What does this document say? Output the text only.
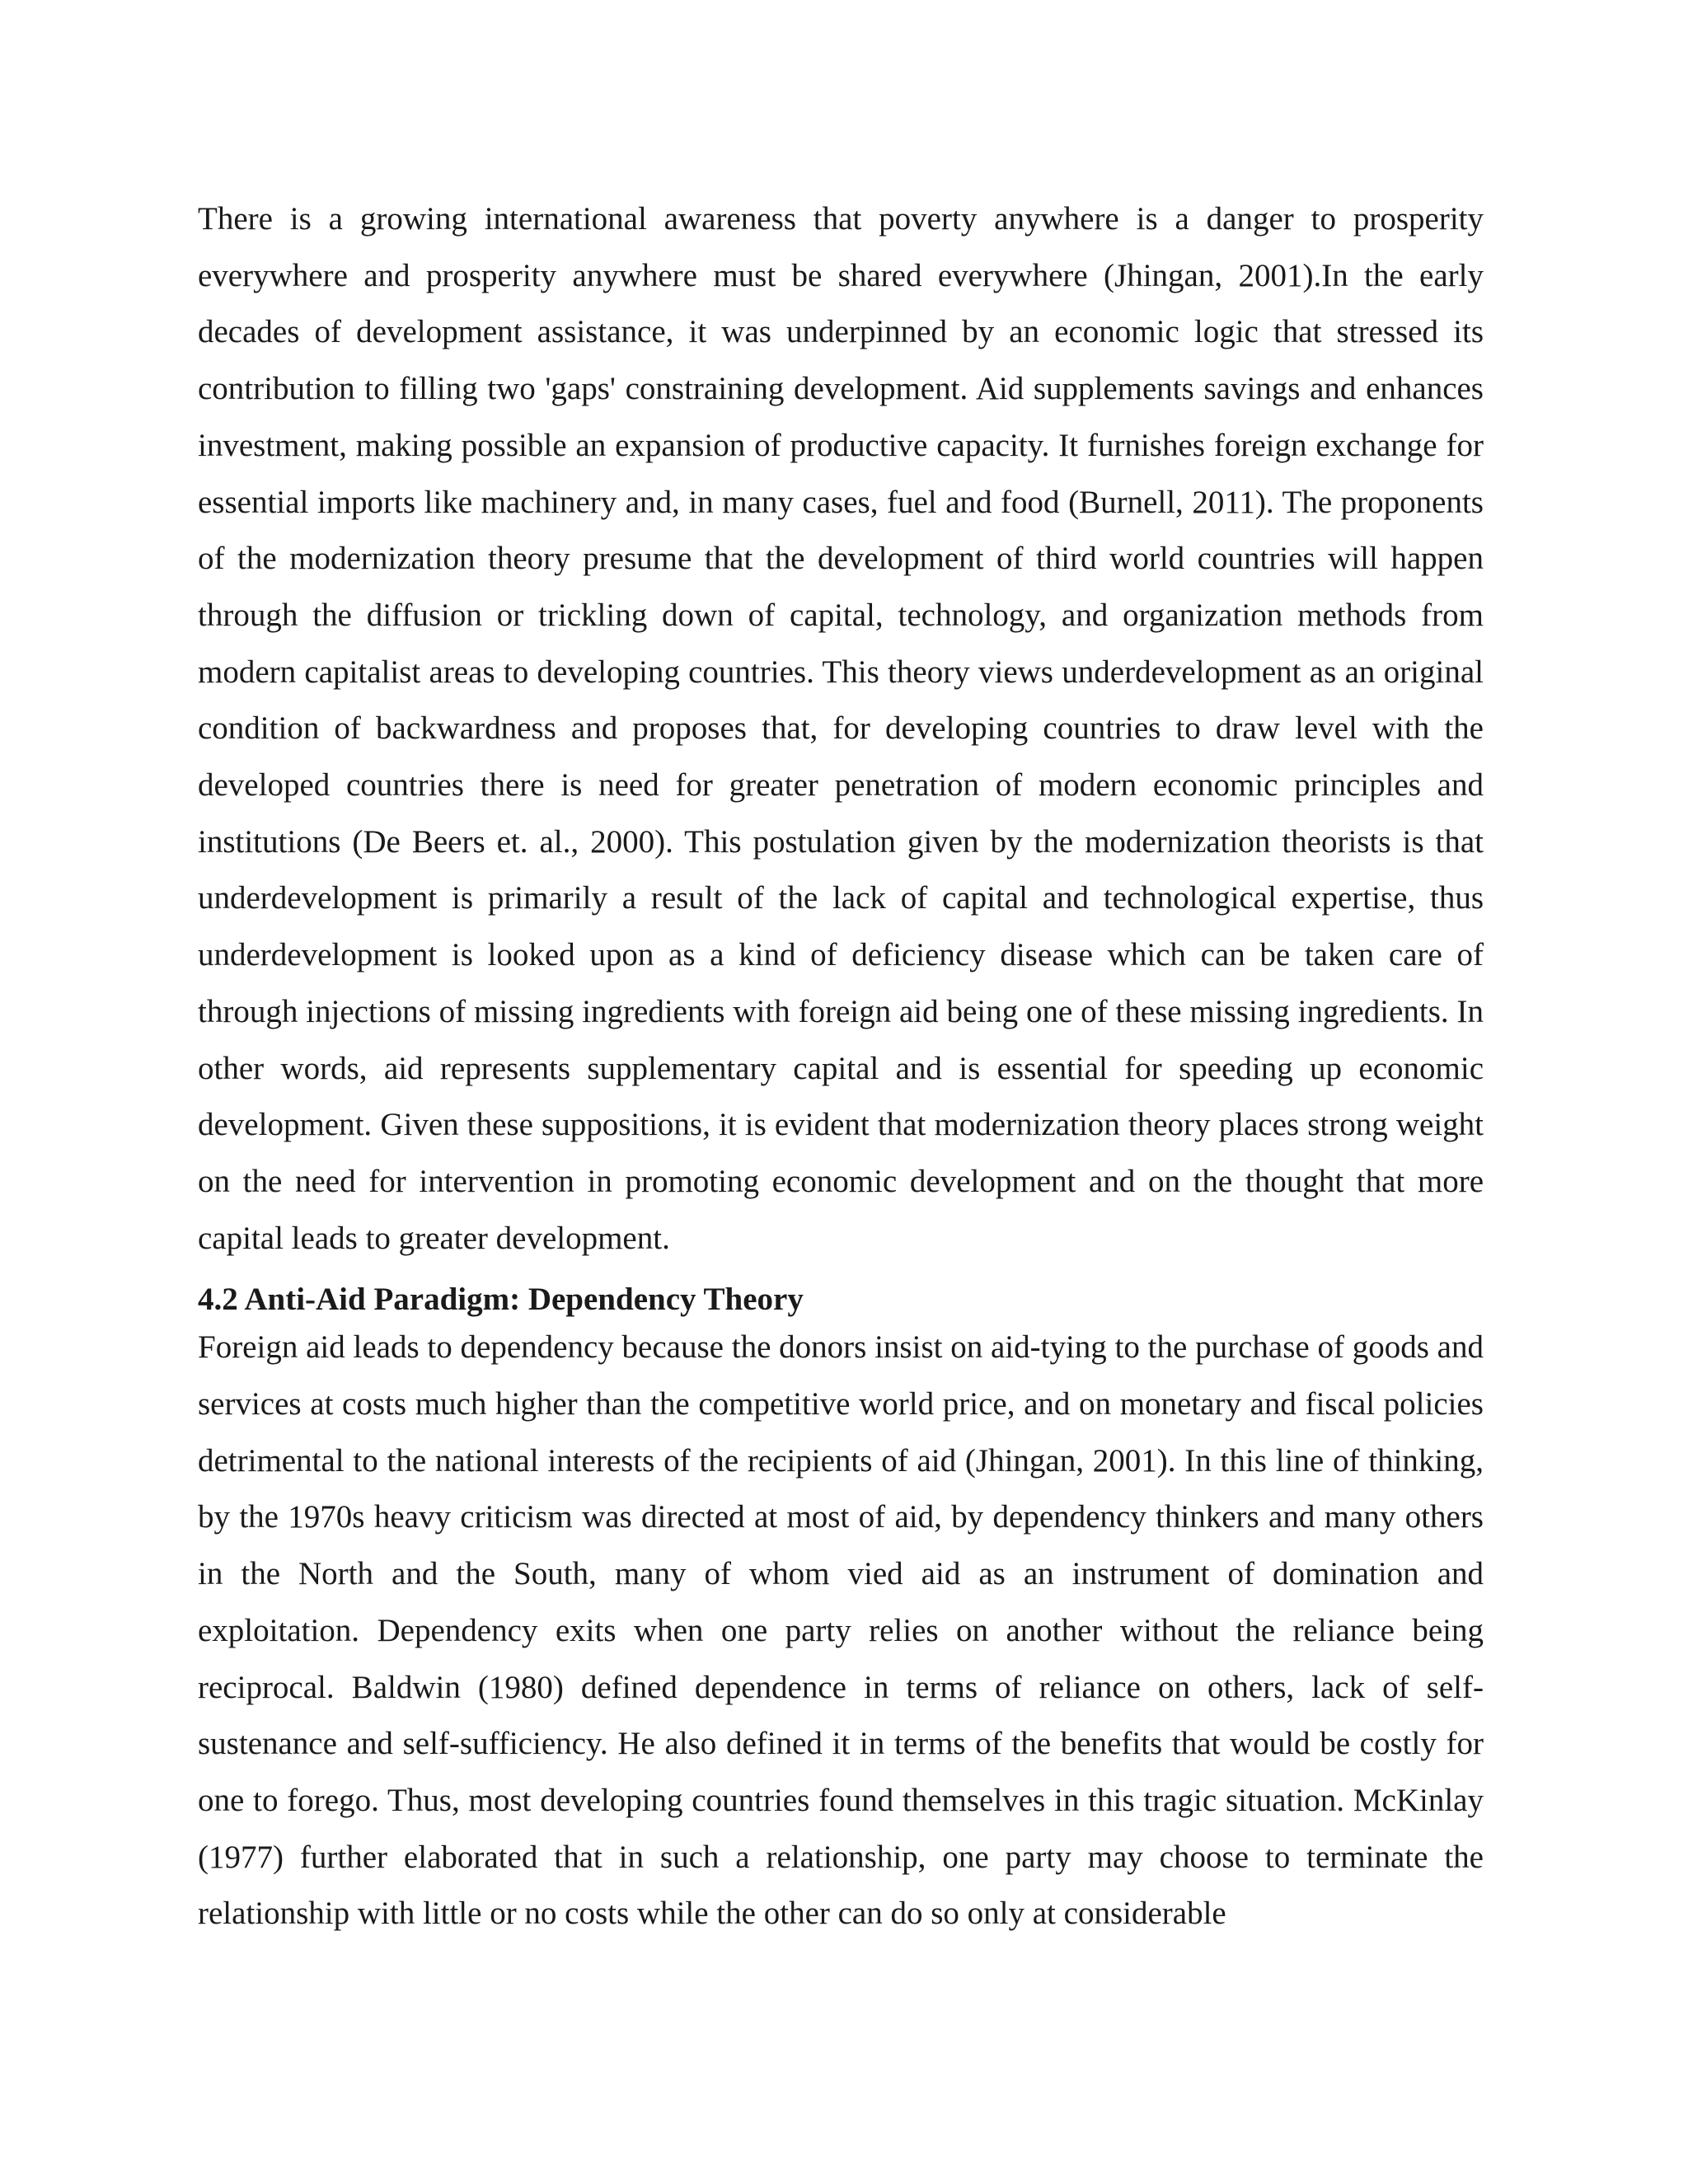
There is a growing international awareness that poverty anywhere is a danger to prosperity everywhere and prosperity anywhere must be shared everywhere (Jhingan, 2001).In the early decades of development assistance, it was underpinned by an economic logic that stressed its contribution to filling two 'gaps' constraining development. Aid supplements savings and enhances investment, making possible an expansion of productive capacity. It furnishes foreign exchange for essential imports like machinery and, in many cases, fuel and food (Burnell, 2011). The proponents of the modernization theory presume that the development of third world countries will happen through the diffusion or trickling down of capital, technology, and organization methods from modern capitalist areas to developing countries. This theory views underdevelopment as an original condition of backwardness and proposes that, for developing countries to draw level with the developed countries there is need for greater penetration of modern economic principles and institutions (De Beers et. al., 2000). This postulation given by the modernization theorists is that underdevelopment is primarily a result of the lack of capital and technological expertise, thus underdevelopment is looked upon as a kind of deficiency disease which can be taken care of through injections of missing ingredients with foreign aid being one of these missing ingredients. In other words, aid represents supplementary capital and is essential for speeding up economic development. Given these suppositions, it is evident that modernization theory places strong weight on the need for intervention in promoting economic development and on the thought that more capital leads to greater development.

4.2 Anti-Aid Paradigm: Dependency Theory

Foreign aid leads to dependency because the donors insist on aid-tying to the purchase of goods and services at costs much higher than the competitive world price, and on monetary and fiscal policies detrimental to the national interests of the recipients of aid (Jhingan, 2001). In this line of thinking, by the 1970s heavy criticism was directed at most of aid, by dependency thinkers and many others in the North and the South, many of whom vied aid as an instrument of domination and exploitation. Dependency exits when one party relies on another without the reliance being reciprocal. Baldwin (1980) defined dependence in terms of reliance on others, lack of self-sustenance and self-sufficiency. He also defined it in terms of the benefits that would be costly for one to forego. Thus, most developing countries found themselves in this tragic situation. McKinlay (1977) further elaborated that in such a relationship, one party may choose to terminate the relationship with little or no costs while the other can do so only at considerable
